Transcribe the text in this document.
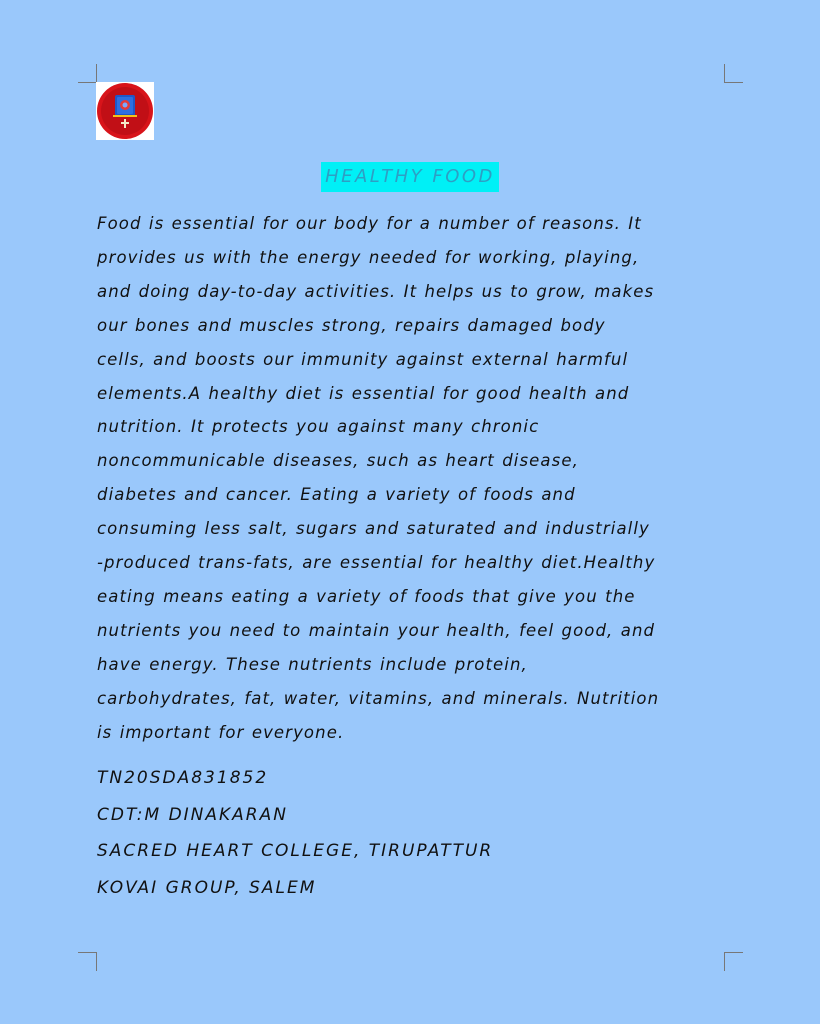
HEALTHY FOOD

Food is essential for our body for a number of reasons. It
provides us with the energy needed for working, playing,
and doing day-to-day activities. It helps us to grow, makes
our bones and muscles strong, repairs damaged body
cells, and boosts our immunity against external harmful
elements.A healthy diet is essential for good health and
nutrition. It protects you against many chronic
noncommunicable diseases, such as heart disease,
diabetes and cancer. Eating a variety of foods and
consuming less salt, sugars and saturated and industrially
-produced trans-fats, are essential for healthy diet.Healthy
eating means eating a variety of foods that give you the
nutrients you need to maintain your health, feel good, and
have energy. These nutrients include protein,
carbohydrates, fat, water, vitamins, and minerals. Nutrition
is important for everyone.

TN20SDA831852
CDT:M DINAKARAN
SACRED HEART COLLEGE, TIRUPATTUR
KOVAI GROUP, SALEM
